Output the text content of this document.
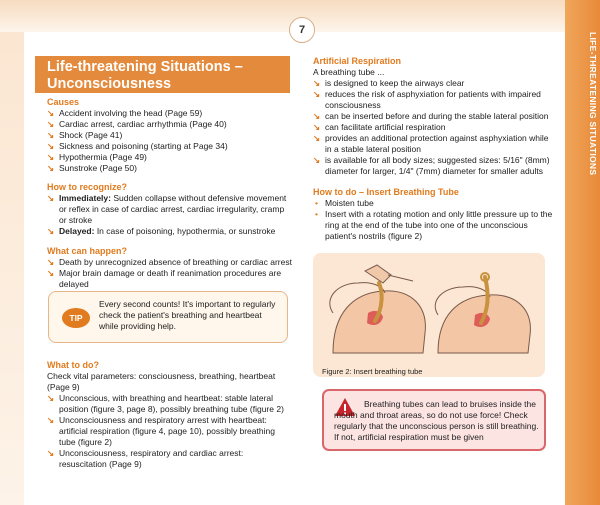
LIFE-THREATENING SITUATIONS
7
Life-threatening Situations –
Unconsciousness
Causes
↘ Accident involving the head (Page 59)
↘ Cardiac arrest, cardiac arrhythmia (Page 40)
↘ Shock (Page 41)
↘ Sickness and poisoning (starting at Page 34)
↘ Hypothermia (Page 49)
↘ Sunstroke (Page 50)
How to recognize?
↘ Immediately: Sudden collapse without defensive movement or reflex in case of cardiac arrest, cardiac irregularity, cramp or stroke
↘ Delayed: In case of poisoning, hypothermia, or sunstroke
What can happen?
↘ Death by unrecognized absence of breathing or cardiac arrest
↘ Major brain damage or death if reanimation procedures are delayed
TIP
Every second counts! It's important to regularly check the patient's breathing and heartbeat while providing help.
What to do?
Check vital parameters: consciousness, breathing, heartbeat (Page 9)
↘ Unconscious, with breathing and heartbeat: stable lateral position (figure 3, page 8), possibly breathing tube (figure 2)
↘ Unconsciousness and respiratory arrest with heartbeat: artificial respiration (figure 4, page 10), possibly breathing tube (figure 2)
↘ Unconsciousness, respiratory and cardiac arrest: resuscitation (Page 9)
Artificial Respiration
A breathing tube ...
↘ is designed to keep the airways clear
↘ reduces the risk of asphyxiation for patients with impaired consciousness
↘ can be inserted before and during the stable lateral position
↘ can facilitate artificial respiration
↘ provides an additional protection against asphyxiation while in a stable lateral position
↘ is available for all body sizes; suggested sizes: 5/16" (8mm) diameter for larger, 1/4" (7mm) diameter for smaller adults
How to do – Insert Breathing Tube
• Moisten tube
• Insert with a rotating motion and only little pressure up to the ring at the end of the tube into one of the unconscious patient's nostrils (figure 2)
Figure 2: Insert breathing tube
Breathing tubes can lead to bruises inside the mouth and throat areas, so do not use force! Check regularly that the unconscious person is still breathing. If not, artificial respiration must be given
